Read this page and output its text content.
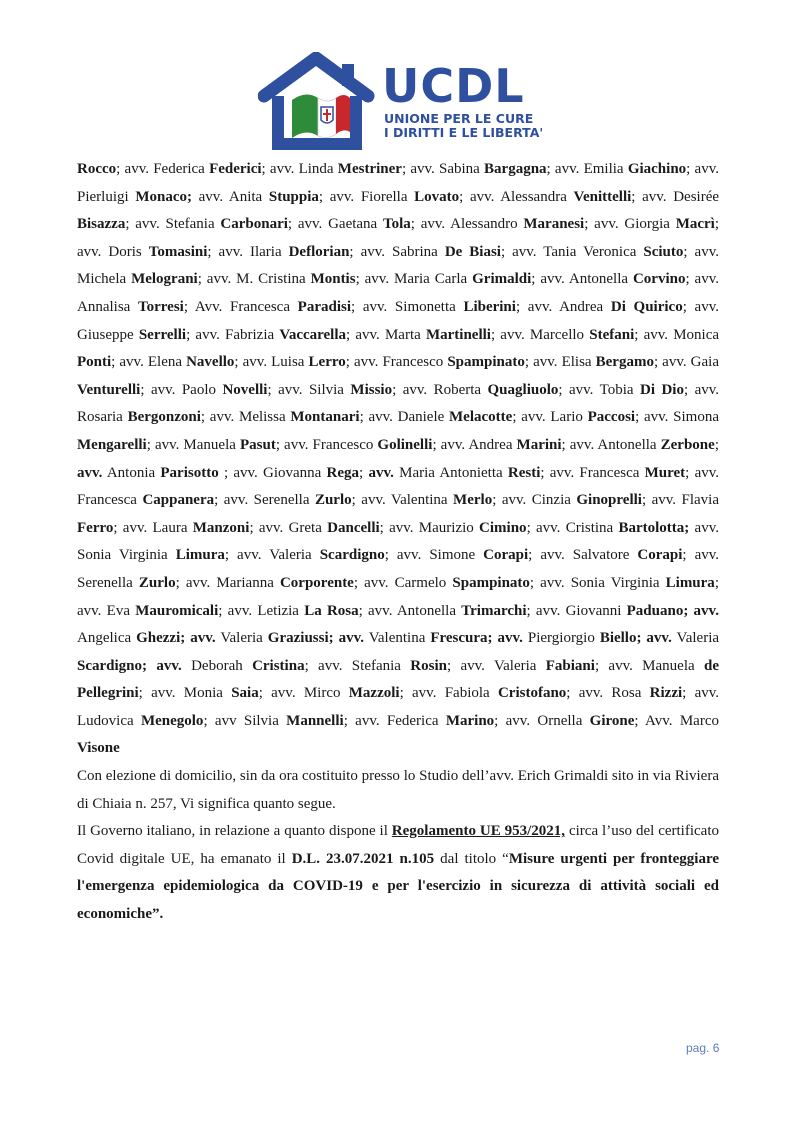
UCDL
UNIONE PER LE CURE
I DIRITTI E LE LIBERTA'

Rocco; avv. Federica Federici; avv. Linda Mestriner; avv. Sabina Bargagna; avv. Emilia Giachino; avv. Pierluigi Monaco; avv. Anita Stuppia; avv. Fiorella Lovato; avv. Alessandra Venittelli; avv. Desirée Bisazza; avv. Stefania Carbonari; avv. Gaetana Tola; avv. Alessandro Maranesi; avv. Giorgia Macrì; avv. Doris Tomasini; avv. Ilaria Deflorian; avv. Sabrina De Biasi; avv. Tania Veronica Sciuto; avv. Michela Melograni; avv. M. Cristina Montis; avv. Maria Carla Grimaldi; avv. Antonella Corvino; avv. Annalisa Torresi; Avv. Francesca Paradisi; avv. Simonetta Liberini; avv. Andrea Di Quirico; avv. Giuseppe Serrelli; avv. Fabrizia Vaccarella; avv. Marta Martinelli; avv. Marcello Stefani; avv. Monica Ponti; avv. Elena Navello; avv. Luisa Lerro; avv. Francesco Spampinato; avv. Elisa Bergamo; avv. Gaia Venturelli; avv. Paolo Novelli; avv. Silvia Missio; avv. Roberta Quagliuolo; avv. Tobia Di Dio; avv. Rosaria Bergonzoni; avv. Melissa Montanari; avv. Daniele Melacotte; avv. Lario Paccosi; avv. Simona Mengarelli; avv. Manuela Pasut; avv. Francesco Golinelli; avv. Andrea Marini; avv. Antonella Zerbone; avv. Antonia Parisotto ; avv. Giovanna Rega; avv. Maria Antonietta Resti; avv. Francesca Muret; avv. Francesca Cappanera; avv. Serenella Zurlo; avv. Valentina Merlo; avv. Cinzia Ginoprelli; avv. Flavia Ferro; avv. Laura Manzoni; avv. Greta Dancelli; avv. Maurizio Cimino; avv. Cristina Bartolotta; avv. Sonia Virginia Limura; avv. Valeria Scardigno; avv. Simone Corapi; avv. Salvatore Corapi; avv. Serenella Zurlo; avv. Marianna Corporente; avv. Carmelo Spampinato; avv. Sonia Virginia Limura; avv. Eva Mauromicali; avv. Letizia La Rosa; avv. Antonella Trimarchi; avv. Giovanni Paduano; avv. Angelica Ghezzi; avv. Valeria Graziussi; avv. Valentina Frescura; avv. Piergiorgio Biello; avv. Valeria Scardigno; avv. Deborah Cristina; avv. Stefania Rosin; avv. Valeria Fabiani; avv. Manuela de Pellegrini; avv. Monia Saia; avv. Mirco Mazzoli; avv. Fabiola Cristofano; avv. Rosa Rizzi; avv. Ludovica Menegolo; avv Silvia Mannelli; avv. Federica Marino; avv. Ornella Girone; Avv. Marco Visone

Con elezione di domicilio, sin da ora costituito presso lo Studio dell’avv. Erich Grimaldi sito in via Riviera di Chiaia n. 257, Vi significa quanto segue.

Il Governo italiano, in relazione a quanto dispone il Regolamento UE 953/2021, circa l’uso del certificato Covid digitale UE, ha emanato il D.L. 23.07.2021 n.105 dal titolo “Misure urgenti per fronteggiare l'emergenza epidemiologica da COVID-19 e per l'esercizio in sicurezza di attività sociali ed economiche”.

pag. 6
